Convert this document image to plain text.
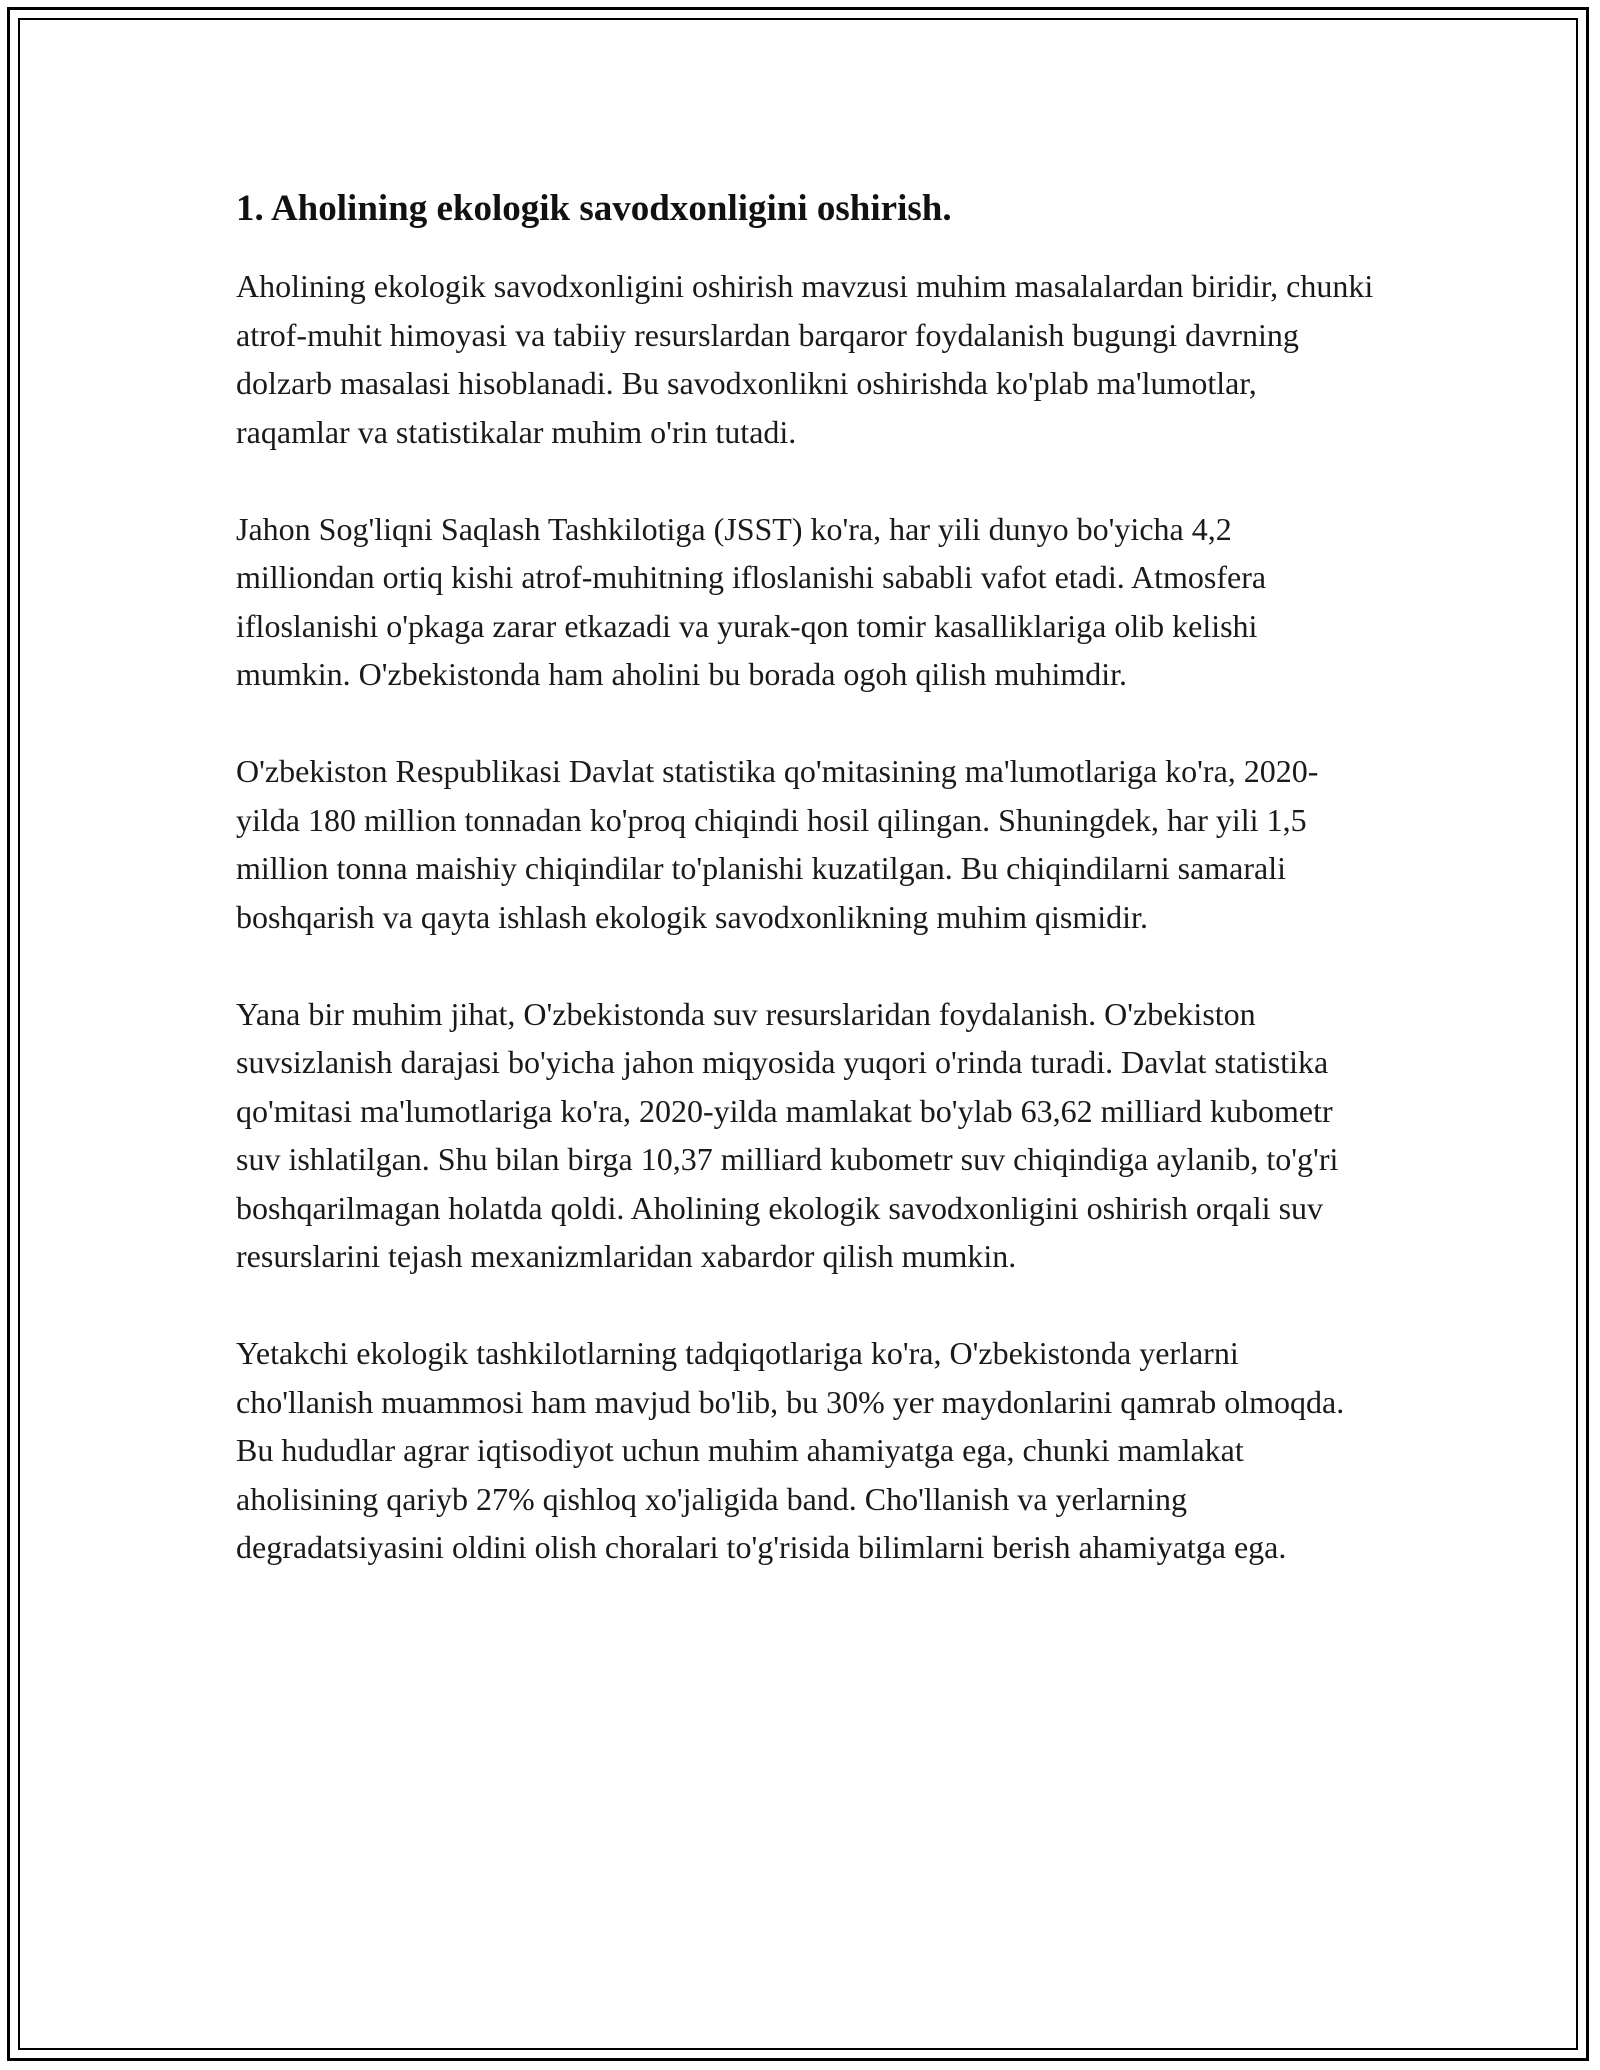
1. Aholining ekologik savodxonligini oshirish.

Aholining ekologik savodxonligini oshirish mavzusi muhim masalalardan biridir, chunki atrof-muhit himoyasi va tabiiy resurslardan barqaror foydalanish bugungi davrning dolzarb masalasi hisoblanadi. Bu savodxonlikni oshirishda ko'plab ma'lumotlar, raqamlar va statistikalar muhim o'rin tutadi.

Jahon Sog'liqni Saqlash Tashkilotiga (JSST) ko'ra, har yili dunyo bo'yicha 4,2 milliondan ortiq kishi atrof-muhitning ifloslanishi sababli vafot etadi. Atmosfera ifloslanishi o'pkaga zarar etkazadi va yurak-qon tomir kasalliklariga olib kelishi mumkin. O'zbekistonda ham aholini bu borada ogoh qilish muhimdir.

O'zbekiston Respublikasi Davlat statistika qo'mitasining ma'lumotlariga ko'ra, 2020-yilda 180 million tonnadan ko'proq chiqindi hosil qilingan. Shuningdek, har yili 1,5 million tonna maishiy chiqindilar to'planishi kuzatilgan. Bu chiqindilarni samarali boshqarish va qayta ishlash ekologik savodxonlikning muhim qismidir.

Yana bir muhim jihat, O'zbekistonda suv resurslaridan foydalanish. O'zbekiston suvsizlanish darajasi bo'yicha jahon miqyosida yuqori o'rinda turadi. Davlat statistika qo'mitasi ma'lumotlariga ko'ra, 2020-yilda mamlakat bo'ylab 63,62 milliard kubometr suv ishlatilgan. Shu bilan birga 10,37 milliard kubometr suv chiqindiga aylanib, to'g'ri boshqarilmagan holatda qoldi. Aholining ekologik savodxonligini oshirish orqali suv resurslarini tejash mexanizmlaridan xabardor qilish mumkin.

Yetakchi ekologik tashkilotlarning tadqiqotlariga ko'ra, O'zbekistonda yerlarni cho'llanish muammosi ham mavjud bo'lib, bu 30% yer maydonlarini qamrab olmoqda. Bu hududlar agrar iqtisodiyot uchun muhim ahamiyatga ega, chunki mamlakat aholisining qariyb 27% qishloq xo'jaligida band. Cho'llanish va yerlarning degradatsiyasini oldini olish choralari to'g'risida bilimlarni berish ahamiyatga ega.
